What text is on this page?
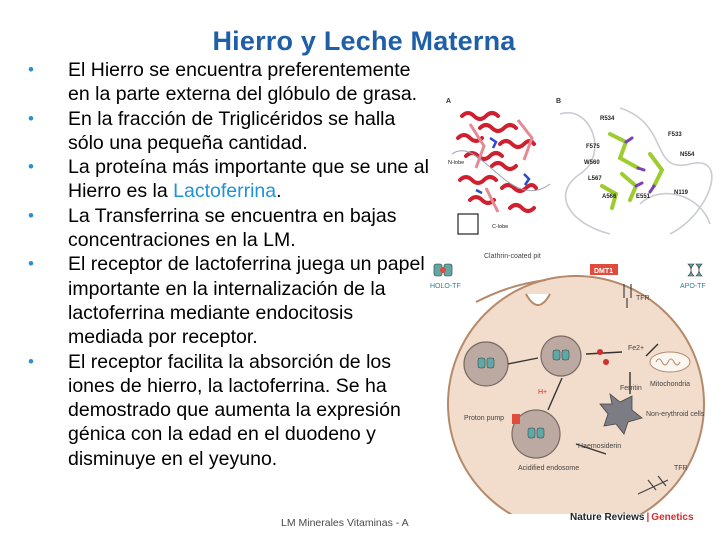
Hierro y Leche Materna
• El Hierro se encuentra preferentemente en la parte externa del glóbulo de grasa.
• En la fracción de Triglicéridos se halla sólo una pequeña cantidad.
• La proteína más importante que se une al Hierro es la Lactoferrina.
• La Transferrina se encuentra en bajas concentraciones en la LM.
• El receptor de lactoferrina juega un papel importante en la internalización de la lactoferrina mediante endocitosis mediada por receptor.
• El receptor facilita la absorción de los iones de hierro, la lactoferrina. Se ha demostrado que aumenta la expresión génica con la edad en el duodeno y disminuye en el yeyuno.
A
N-lobe
C-lobe
B
R534
F533
F575
N554
W560
E551
L567
N119
A566
Clathrin-coated pit
HOLO-TF	APO-TF
DMT1
TFR
Fe2+
Mitochondria
Ferritin
Non-erythroid cells
Haemosiderin
Proton pump
H+
Acidified endosome	TFR
Nature Reviews | Genetics
LM Minerales Vitaminas - A
